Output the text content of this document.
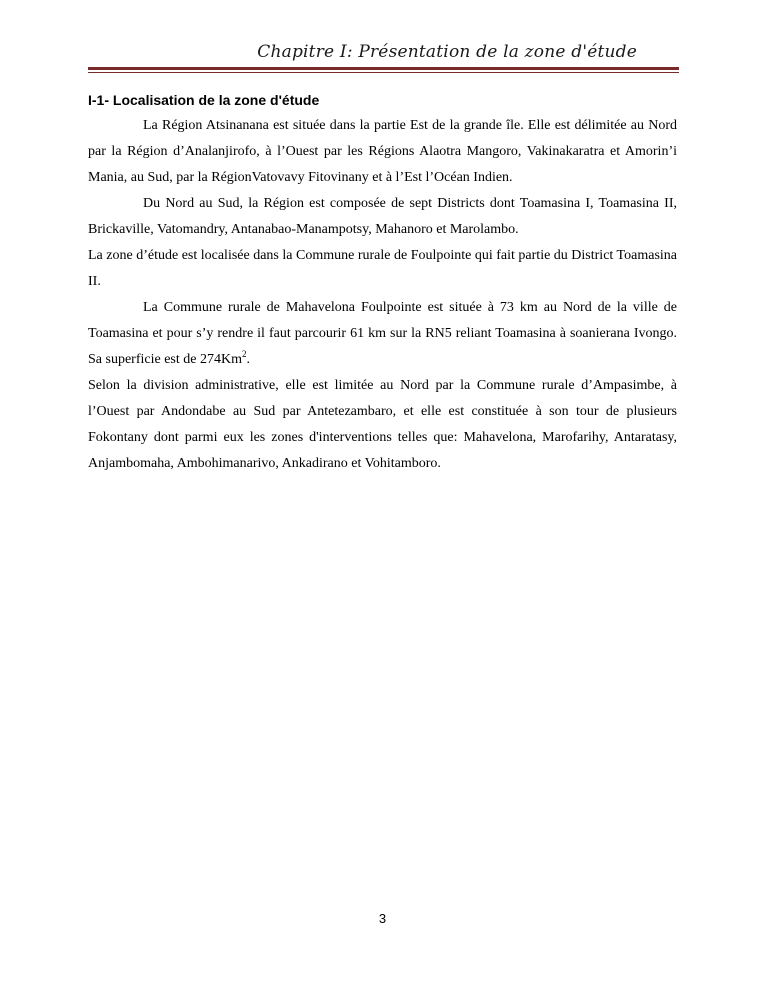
Chapitre I: Présentation de la zone d'étude
I-1- Localisation de la zone d'étude

La Région Atsinanana est située dans la partie Est de la grande île. Elle est délimitée au Nord par la Région d’Analanjirofo, à l’Ouest par les Régions Alaotra Mangoro, Vakinakaratra et Amorin’i Mania, au Sud, par la RégionVatovavy Fitovinany et à l’Est l’Océan Indien.

Du Nord au Sud, la Région est composée de sept Districts dont Toamasina I, Toamasina II, Brickaville, Vatomandry, Antanabao-Manampotsy, Mahanoro et Marolambo.

La zone d’étude est localisée dans la Commune rurale de Foulpointe qui fait partie du District Toamasina II.

La Commune rurale de Mahavelona Foulpointe est située à 73 km au Nord de la ville de Toamasina et pour s’y rendre il faut parcourir 61 km sur la RN5 reliant Toamasina à soanierana Ivongo. Sa superficie est de 274Km$^2$.

Selon la division administrative, elle est limitée au Nord par la Commune rurale d’Ampasimbe, à l’Ouest par Andondabe au Sud par Antetezambaro, et elle est constituée à son tour de plusieurs Fokontany dont parmi eux les zones d'interventions telles que: Mahavelona, Marofarihy, Antaratasy, Anjambomaha, Ambohimanarivo, Ankadirano et Vohitamboro.

3
